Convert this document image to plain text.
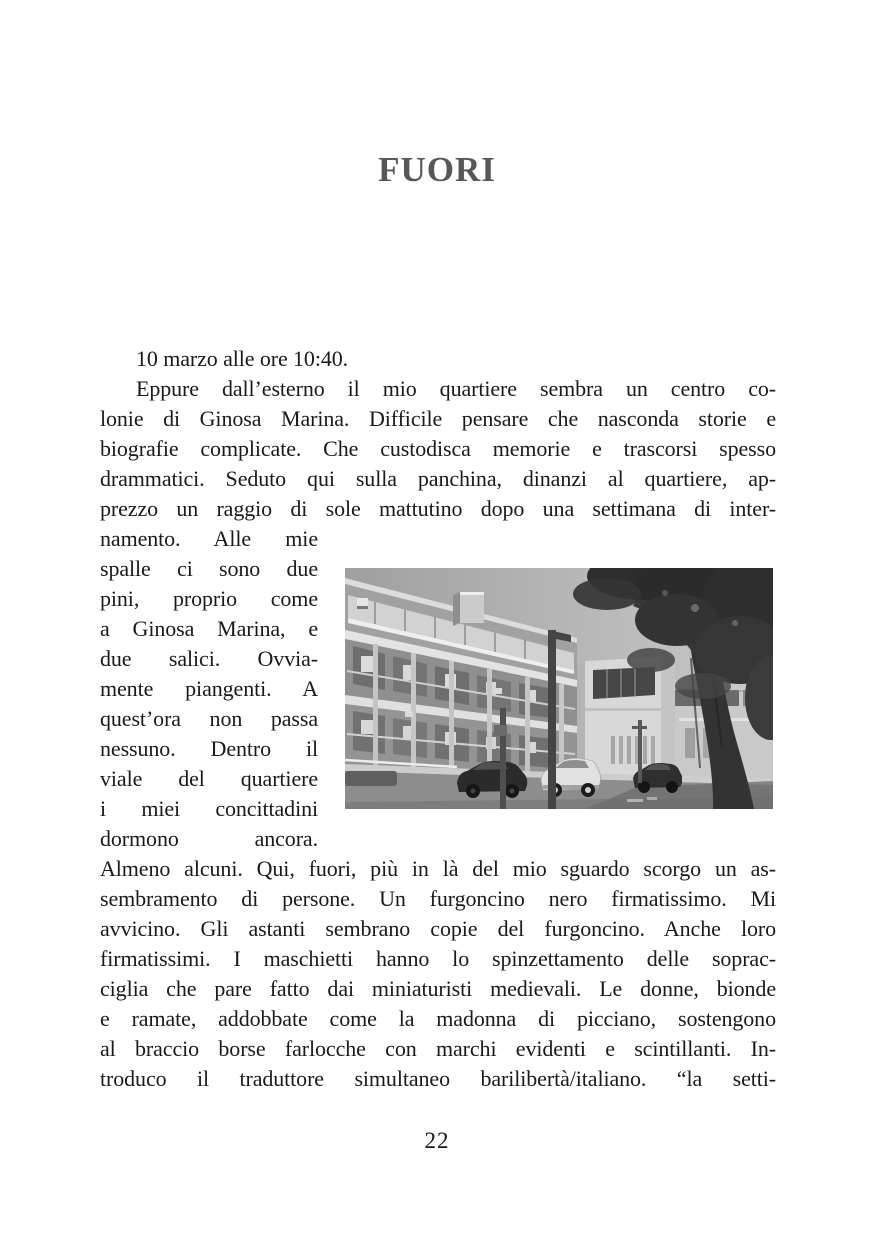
FUORI
10 marzo alle ore 10:40.
Eppure dall’esterno il mio quartiere sembra un centro co-
lonie di Ginosa Marina. Difficile pensare che nasconda storie e
biografie complicate. Che custodisca memorie e trascorsi spesso
drammatici. Seduto qui sulla panchina, dinanzi al quartiere, ap-
prezzo un raggio di sole mattutino dopo una settimana di inter-
namento. Alle mie
spalle ci sono due
pini, proprio come
a Ginosa Marina, e
due salici. Ovvia-
mente piangenti. A
quest’ora non passa
nessuno. Dentro il
viale del quartiere
i miei concittadini
dormono ancora.
Almeno alcuni. Qui, fuori, più in là del mio sguardo scorgo un as-
sembramento di persone. Un furgoncino nero firmatissimo. Mi
avvicino. Gli astanti sembrano copie del furgoncino. Anche loro
firmatissimi. I maschietti hanno lo spinzettamento delle soprac-
ciglia che pare fatto dai miniaturisti medievali. Le donne, bionde
e ramate, addobbate come la madonna di picciano, sostengono
al braccio borse farlocche con marchi evidenti e scintillanti. In-
troduco il traduttore simultaneo barilibertà/italiano. “la setti-
22
